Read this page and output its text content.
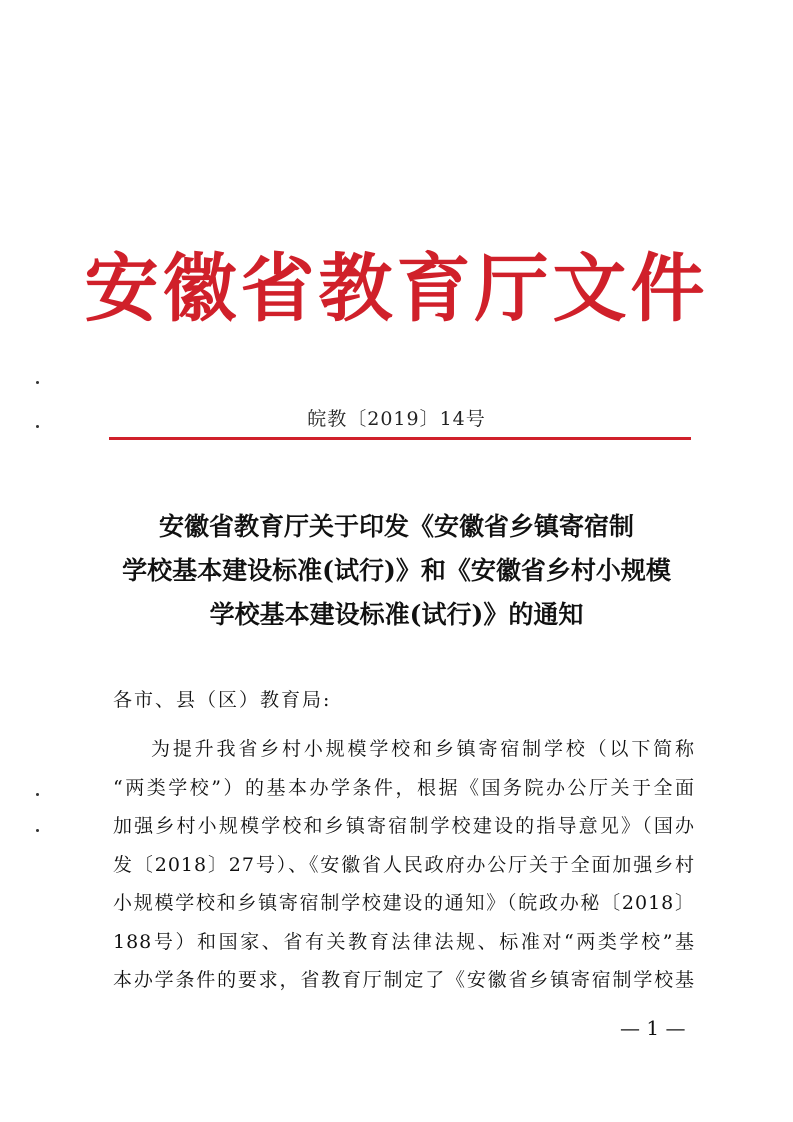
安徽省教育厅文件
皖教〔2019〕14号
安徽省教育厅关于印发《安徽省乡镇寄宿制
学校基本建设标准(试行)》和《安徽省乡村小规模
学校基本建设标准(试行)》的通知
各市、县（区）教育局:
为提升我省乡村小规模学校和乡镇寄宿制学校（以下简称
“两类学校”）的基本办学条件，根据《国务院办公厅关于全面
加强乡村小规模学校和乡镇寄宿制学校建设的指导意见》（国办
发〔2018〕27号）、《安徽省人民政府办公厅关于全面加强乡村
小规模学校和乡镇寄宿制学校建设的通知》（皖政办秘〔2018〕
188号）和国家、省有关教育法律法规、标准对“两类学校”基
本办学条件的要求，省教育厅制定了《安徽省乡镇寄宿制学校基
— 1 —
